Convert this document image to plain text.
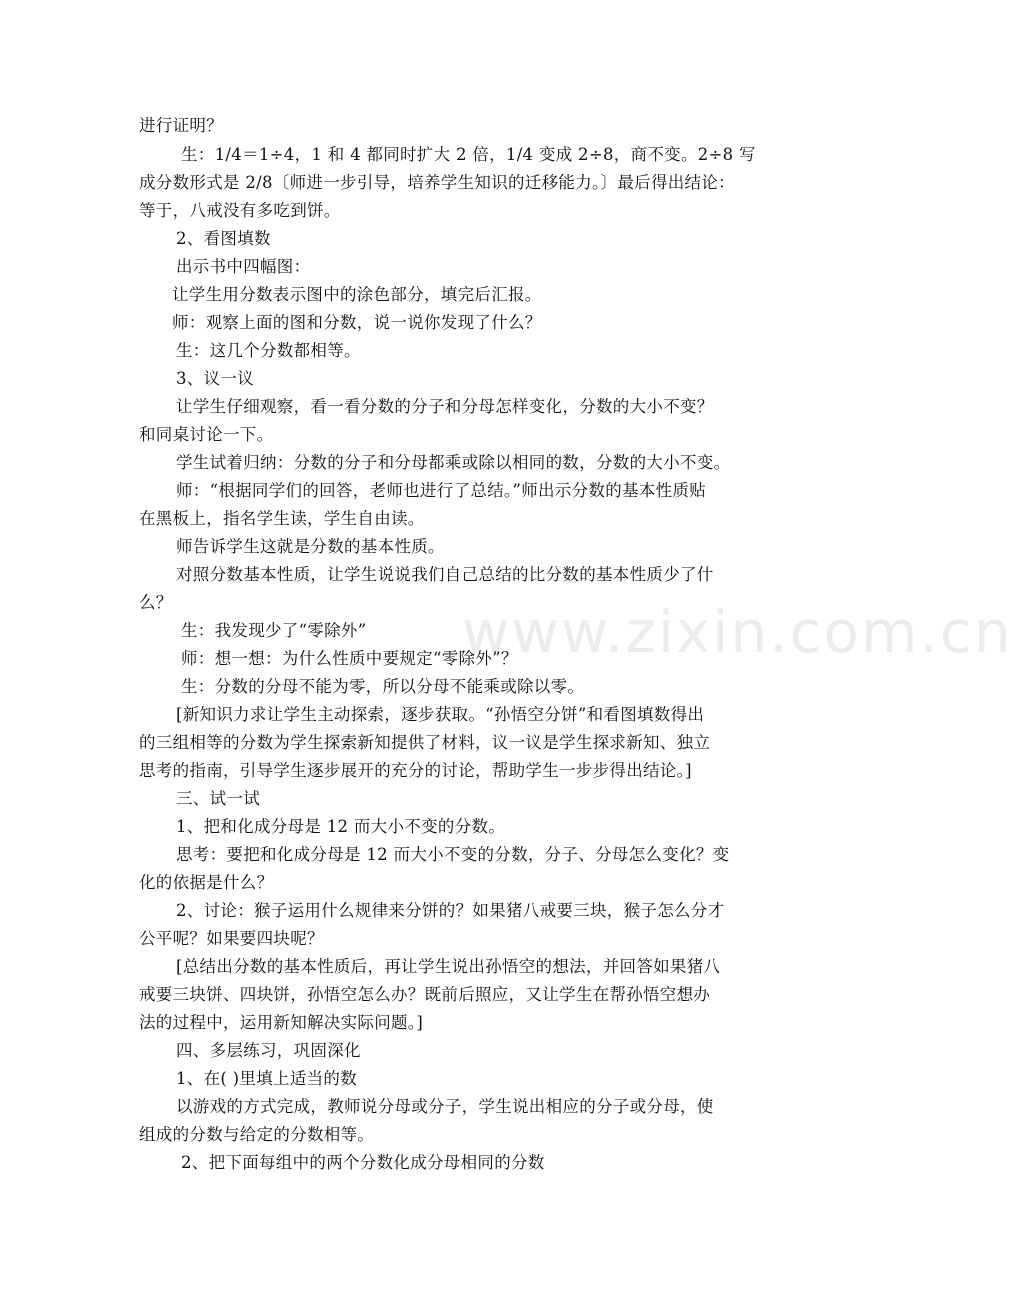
www.zixin.com.cn
进行证明？
生：1/4＝1÷4，1 和 4 都同时扩大 2 倍，1/4 变成 2÷8，商不变。2÷8 写
成分数形式是 2/8〔师进一步引导，培养学生知识的迁移能力。〕最后得出结论：
等于，八戒没有多吃到饼。
2、看图填数
出示书中四幅图：
让学生用分数表示图中的涂色部分，填完后汇报。
师：观察上面的图和分数，说一说你发现了什么？
生：这几个分数都相等。
3、议一议
让学生仔细观察，看一看分数的分子和分母怎样变化，分数的大小不变？
和同桌讨论一下。
学生试着归纳：分数的分子和分母都乘或除以相同的数，分数的大小不变。
师：“根据同学们的回答，老师也进行了总结。”师出示分数的基本性质贴
在黑板上，指名学生读，学生自由读。
师告诉学生这就是分数的基本性质。
对照分数基本性质，让学生说说我们自己总结的比分数的基本性质少了什
么？
生：我发现少了“零除外”
师：想一想：为什么性质中要规定“零除外”？
生：分数的分母不能为零，所以分母不能乘或除以零。
[新知识力求让学生主动探索，逐步获取。“孙悟空分饼”和看图填数得出
的三组相等的分数为学生探索新知提供了材料，议一议是学生探求新知、独立
思考的指南，引导学生逐步展开的充分的讨论，帮助学生一步步得出结论。]
三、试一试
1、把和化成分母是 12 而大小不变的分数。
思考：要把和化成分母是 12 而大小不变的分数，分子、分母怎么变化？变
化的依据是什么？
2、讨论：猴子运用什么规律来分饼的？如果猪八戒要三块，猴子怎么分才
公平呢？如果要四块呢？
[总结出分数的基本性质后，再让学生说出孙悟空的想法，并回答如果猪八
戒要三块饼、四块饼，孙悟空怎么办？既前后照应，又让学生在帮孙悟空想办
法的过程中，运用新知解决实际问题。]
四、多层练习，巩固深化
1、在( )里填上适当的数
以游戏的方式完成，教师说分母或分子，学生说出相应的分子或分母，使
组成的分数与给定的分数相等。
2、把下面每组中的两个分数化成分母相同的分数
